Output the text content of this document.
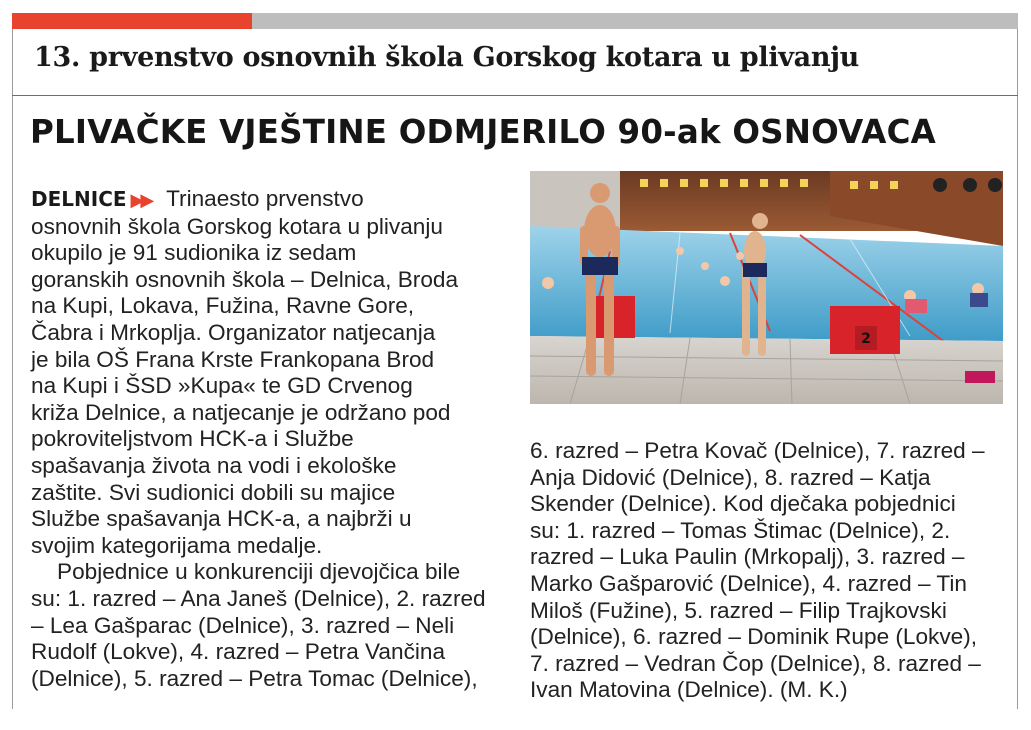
13. prvenstvo osnovnih škola Gorskog kotara u plivanju
PLIVAČKE VJEŠTINE ODMJERILO 90-ak OSNOVACA
DELNICE ▶▶ Trinaesto prvenstvo
osnovnih škola Gorskog kotara u plivanju
okupilo je 91 sudionika iz sedam
goranskih osnovnih škola – Delnica, Broda
na Kupi, Lokava, Fužina, Ravne Gore,
Čabra i Mrkoplja. Organizator natjecanja
je bila OŠ Frana Krste Frankopana Brod
na Kupi i ŠSD »Kupa« te GD Crvenog
križa Delnice, a natjecanje je održano pod
pokroviteljstvom HCK-a i Službe
spašavanja života na vodi i ekološke
zaštite. Svi sudionici dobili su majice
Službe spašavanja HCK-a, a najbrži u
svojim kategorijama medalje.
Pobjednice u konkurenciji djevojčica bile
su: 1. razred – Ana Janeš (Delnice), 2. razred
– Lea Gašparac (Delnice), 3. razred – Neli
Rudolf (Lokve), 4. razred – Petra Vančina
(Delnice), 5. razred – Petra Tomac (Delnice),
2
6. razred – Petra Kovač (Delnice), 7. razred –
Anja Didović (Delnice), 8. razred – Katja
Skender (Delnice). Kod dječaka pobjednici
su: 1. razred – Tomas Štimac (Delnice), 2.
razred – Luka Paulin (Mrkopalj), 3. razred –
Marko Gašparović (Delnice), 4. razred – Tin
Miloš (Fužine), 5. razred – Filip Trajkovski
(Delnice), 6. razred – Dominik Rupe (Lokve),
7. razred – Vedran Čop (Delnice), 8. razred –
Ivan Matovina (Delnice). (M. K.)
